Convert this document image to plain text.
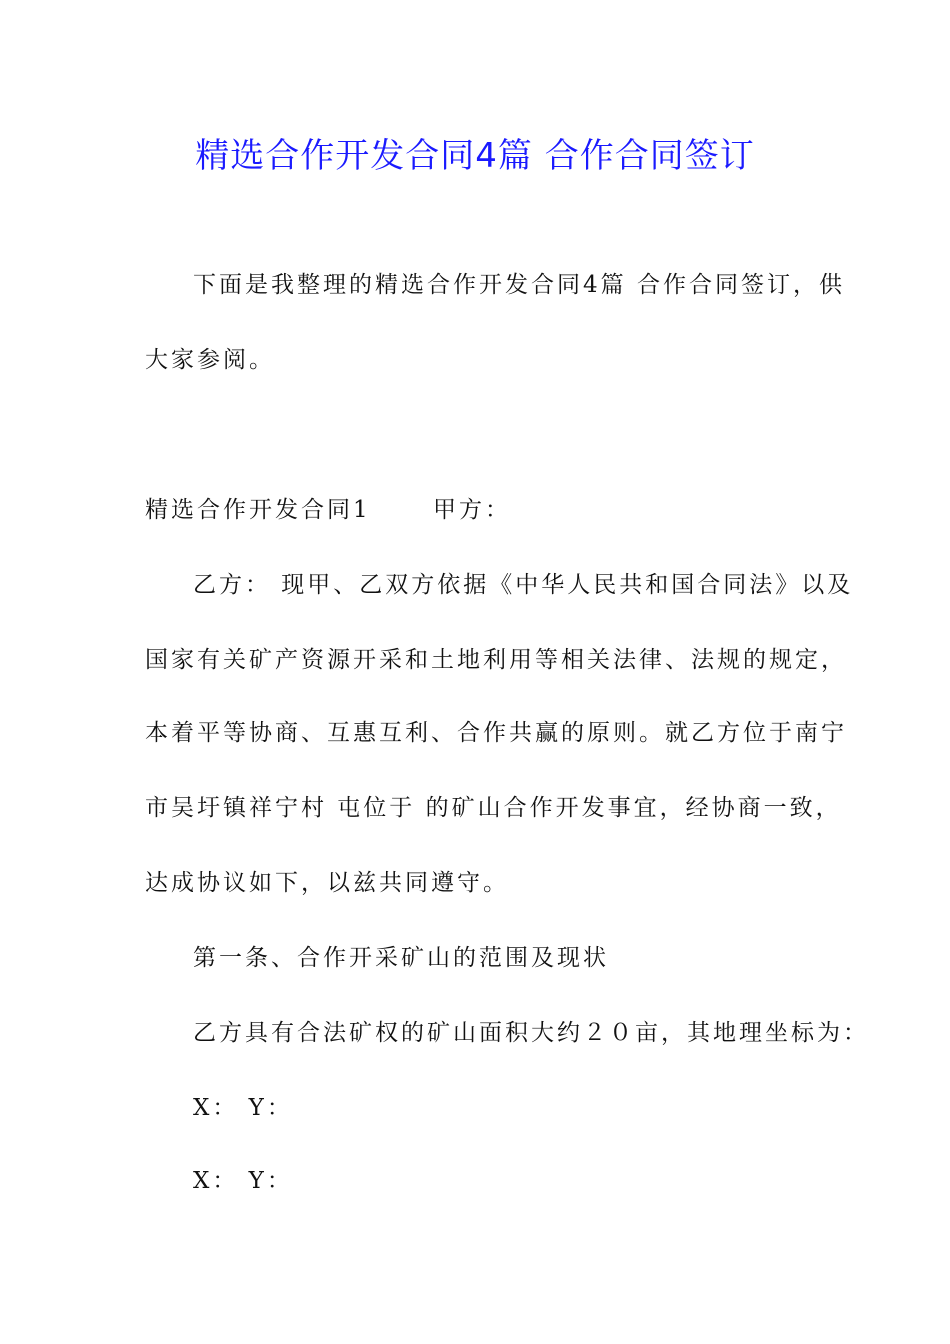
精选合作开发合同4篇 合作合同签订
下面是我整理的精选合作开发合同4篇 合作合同签订，供
大家参阅。
精选合作开发合同1　　 甲方：
乙方： 现甲、乙双方依据《中华人民共和国合同法》以及
国家有关矿产资源开采和土地利用等相关法律、法规的规定，
本着平等协商、互惠互利、合作共赢的原则。就乙方位于南宁
市吴圩镇祥宁村 屯位于 的矿山合作开发事宜，经协商一致，
达成协议如下，以兹共同遵守。
第一条、合作开采矿山的范围及现状
乙方具有合法矿权的矿山面积大约２０亩，其地理坐标为：
X： Y：
X： Y：
